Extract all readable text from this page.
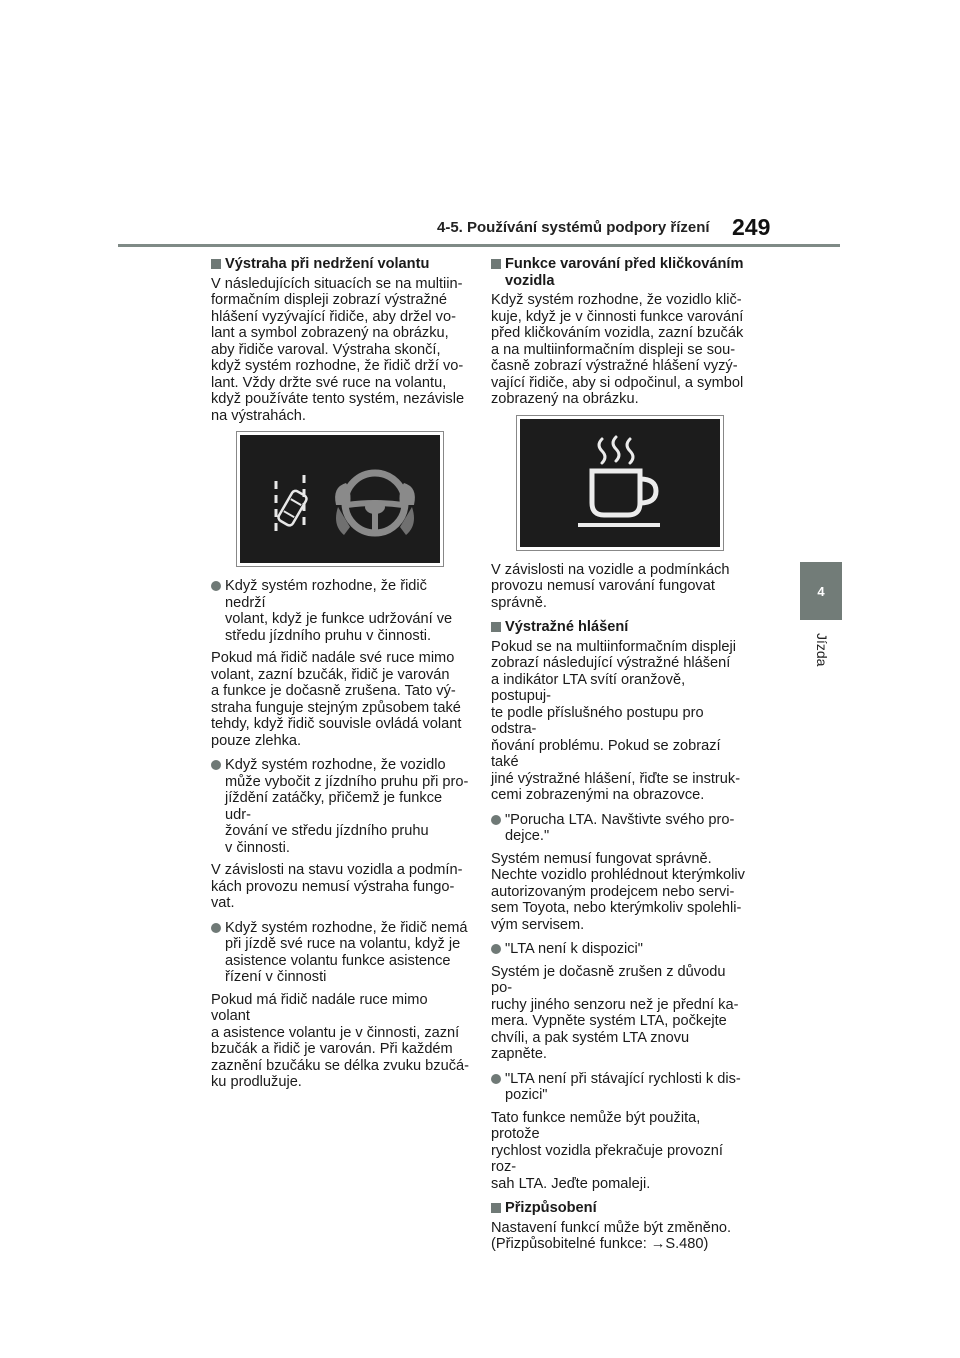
4-5. Používání systémů podpory řízení 249
4
Jízda
Výstraha při nedržení volantu
V následujících situacích se na multiin-
formačním displeji zobrazí výstražné
hlášení vyzývající řidiče, aby držel vo-
lant a symbol zobrazený na obrázku,
aby řidiče varoval. Výstraha skončí,
když systém rozhodne, že řidič drží vo-
lant. Vždy držte své ruce na volantu,
když používáte tento systém, nezávisle
na výstrahách.
Když systém rozhodne, že řidič nedrží
volant, když je funkce udržování ve
středu jízdního pruhu v činnosti.
Pokud má řidič nadále své ruce mimo
volant, zazní bzučák, řidič je varován
a funkce je dočasně zrušena. Tato vý-
straha funguje stejným způsobem také
tehdy, když řidič souvisle ovládá volant
pouze zlehka.
Když systém rozhodne, že vozidlo
může vybočit z jízdního pruhu při pro-
jíždění zatáčky, přičemž je funkce udr-
žování ve středu jízdního pruhu
v činnosti.
V závislosti na stavu vozidla a podmín-
kách provozu nemusí výstraha fungo-
vat.
Když systém rozhodne, že řidič nemá
při jízdě své ruce na volantu, když je
asistence volantu funkce asistence
řízení v činnosti
Pokud má řidič nadále ruce mimo volant
a asistence volantu je v činnosti, zazní
bzučák a řidič je varován. Při každém
zaznění bzučáku se délka zvuku bzučá-
ku prodlužuje.
Funkce varování před kličkováním
vozidla
Když systém rozhodne, že vozidlo klič-
kuje, když je v činnosti funkce varování
před kličkováním vozidla, zazní bzučák
a na multiinformačním displeji se sou-
časně zobrazí výstražné hlášení vyzý-
vající řidiče, aby si odpočinul, a symbol
zobrazený na obrázku.
V závislosti na vozidle a podmínkách
provozu nemusí varování fungovat
správně.
Výstražné hlášení
Pokud se na multiinformačním displeji
zobrazí následující výstražné hlášení
a indikátor LTA svítí oranžově, postupuj-
te podle příslušného postupu pro odstra-
ňování problému. Pokud se zobrazí také
jiné výstražné hlášení, řiďte se instruk-
cemi zobrazenými na obrazovce.
"Porucha LTA. Navštivte svého pro-
dejce."
Systém nemusí fungovat správně.
Nechte vozidlo prohlédnout kterýmkoliv
autorizovaným prodejcem nebo servi-
sem Toyota, nebo kterýmkoliv spolehli-
vým servisem.
"LTA není k dispozici"
Systém je dočasně zrušen z důvodu po-
ruchy jiného senzoru než je přední ka-
mera. Vypněte systém LTA, počkejte
chvíli, a pak systém LTA znovu zapněte.
"LTA není při stávající rychlosti k dis-
pozici"
Tato funkce nemůže být použita, protože
rychlost vozidla překračuje provozní roz-
sah LTA. Jeďte pomaleji.
Přizpůsobení
Nastavení funkcí může být změněno.
(Přizpůsobitelné funkce: →S.480)
